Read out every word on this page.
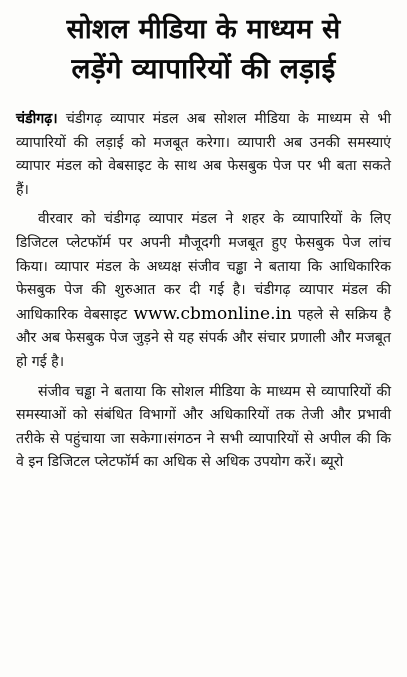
सोशल मीडिया के माध्यम से
लड़ेंगे व्यापारियों की लड़ाई

चंडीगढ़। चंडीगढ़ व्यापार मंडल अब सोशल मीडिया के माध्यम से भी व्यापारियों की लड़ाई को मजबूत करेगा। व्यापारी अब उनकी समस्याएं व्यापार मंडल को वेबसाइट के साथ अब फेसबुक पेज पर भी बता सकते हैं।

वीरवार को चंडीगढ़ व्यापार मंडल ने शहर के व्यापारियों के लिए डिजिटल प्लेटफॉर्म पर अपनी मौजूदगी मजबूत हुए फेसबुक पेज लांच किया। व्यापार मंडल के अध्यक्ष संजीव चड्ढा ने बताया कि आधिकारिक फेसबुक पेज की शुरुआत कर दी गई है। चंडीगढ़ व्यापार मंडल की आधिकारिक वेबसाइट www.cbmonline.in पहले से सक्रिय है और अब फेसबुक पेज जुड़ने से यह संपर्क और संचार प्रणाली और मजबूत हो गई है।

संजीव चड्ढा ने बताया कि सोशल मीडिया के माध्यम से व्यापारियों की समस्याओं को संबंधित विभागों और अधिकारियों तक तेजी और प्रभावी तरीके से पहुंचाया जा सकेगा।संगठन ने सभी व्यापारियों से अपील की कि वे इन डिजिटल प्लेटफॉर्म का अधिक से अधिक उपयोग करें। ब्यूरो
